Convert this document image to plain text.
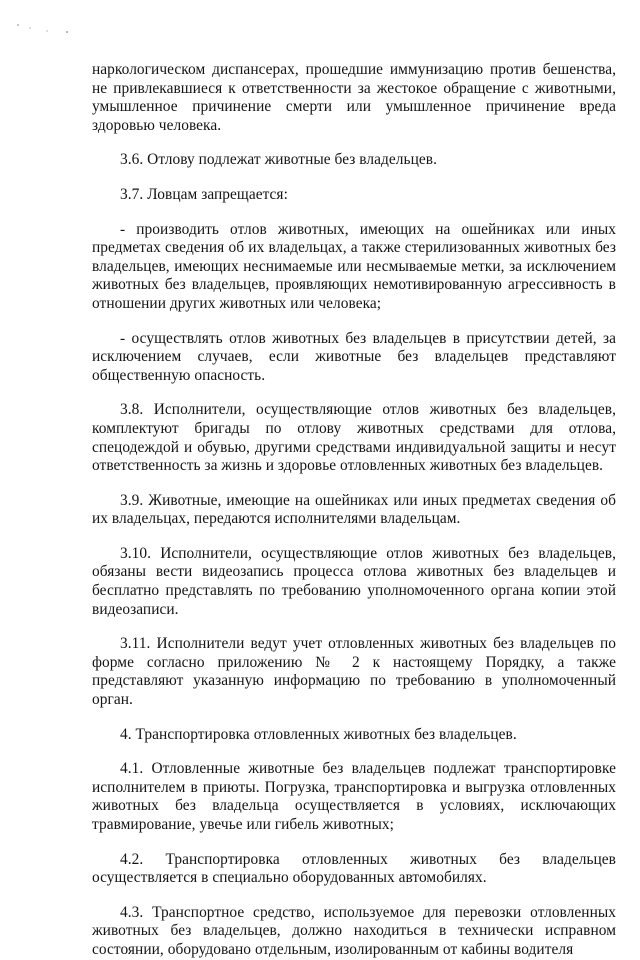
наркологическом диспансерах, прошедшие иммунизацию против бешенства, не привлекавшиеся к ответственности за жестокое обращение с животными, умышленное причинение смерти или умышленное причинение вреда здоровью человека.

3.6. Отлову подлежат животные без владельцев.

3.7. Ловцам запрещается:

- производить отлов животных, имеющих на ошейниках или иных предметах сведения об их владельцах, а также стерилизованных животных без владельцев, имеющих неснимаемые или несмываемые метки, за исключением животных без владельцев, проявляющих немотивированную агрессивность в отношении других животных или человека;

- осуществлять отлов животных без владельцев в присутствии детей, за исключением случаев, если животные без владельцев представляют общественную опасность.

3.8. Исполнители, осуществляющие отлов животных без владельцев, комплектуют бригады по отлову животных средствами для отлова, спецодеждой и обувью, другими средствами индивидуальной защиты и несут ответственность за жизнь и здоровье отловленных животных без владельцев.

3.9. Животные, имеющие на ошейниках или иных предметах сведения об их владельцах, передаются исполнителями владельцам.

3.10. Исполнители, осуществляющие отлов животных без владельцев, обязаны вести видеозапись процесса отлова животных без владельцев и бесплатно представлять по требованию уполномоченного органа копии этой видеозаписи.

3.11. Исполнители ведут учет отловленных животных без владельцев по форме согласно приложению № 2 к настоящему Порядку, а также представляют указанную информацию по требованию в уполномоченный орган.

4. Транспортировка отловленных животных без владельцев.

4.1. Отловленные животные без владельцев подлежат транспортировке исполнителем в приюты. Погрузка, транспортировка и выгрузка отловленных животных без владельца осуществляется в условиях, исключающих травмирование, увечье или гибель животных;

4.2. Транспортировка отловленных животных без владельцев осуществляется в специально оборудованных автомобилях.

4.3. Транспортное средство, используемое для перевозки отловленных животных без владельцев, должно находиться в технически исправном состоянии, оборудовано отдельным, изолированным от кабины водителя
